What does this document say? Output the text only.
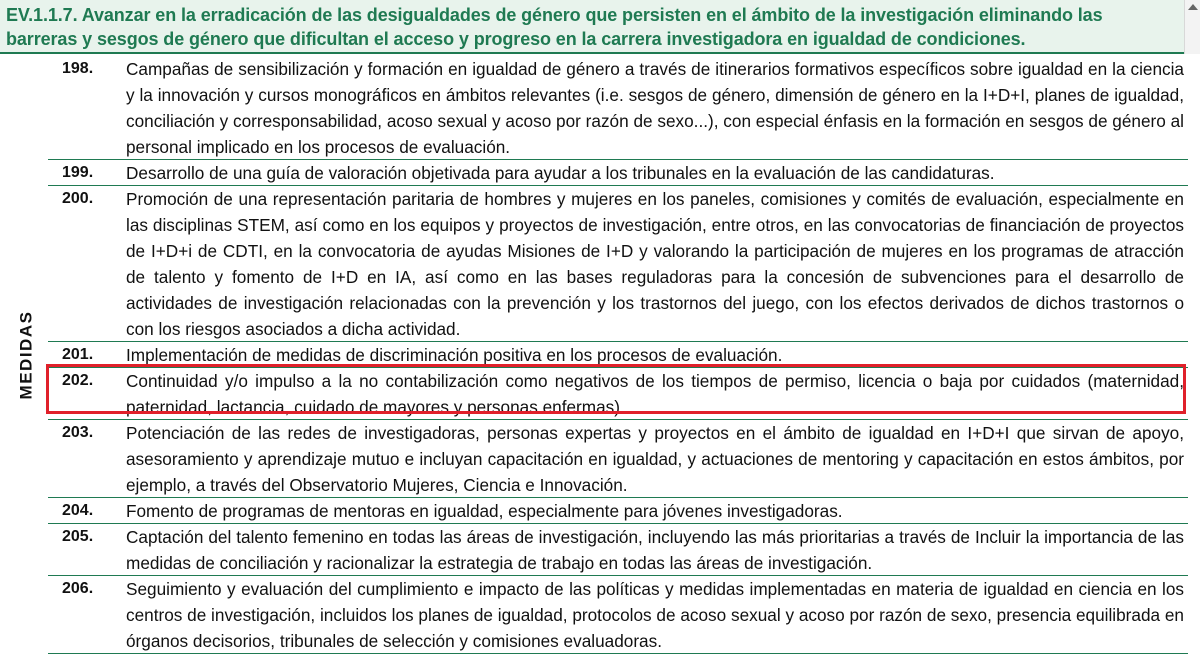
EV.1.1.7. Avanzar en la erradicación de las desigualdades de género que persisten en el ámbito de la investigación eliminando las barreras y sesgos de género que dificultan el acceso y progreso en la carrera investigadora en igualdad de condiciones.
MEDIDAS
198.	Campañas de sensibilización y formación en igualdad de género a través de itinerarios formativos específicos sobre igualdad en la ciencia y la innovación y cursos monográficos en ámbitos relevantes (i.e. sesgos de género, dimensión de género en la I+D+I, planes de igualdad, conciliación y corresponsabilidad, acoso sexual y acoso por razón de sexo...), con especial énfasis en la formación en sesgos de género al personal implicado en los procesos de evaluación.
199.	Desarrollo de una guía de valoración objetivada para ayudar a los tribunales en la evaluación de las candidaturas.
200.	Promoción de una representación paritaria de hombres y mujeres en los paneles, comisiones y comités de evaluación, especialmente en las disciplinas STEM, así como en los equipos y proyectos de investigación, entre otros, en las convocatorias de financiación de proyectos de I+D+i de CDTI, en la convocatoria de ayudas Misiones de I+D y valorando la participación de mujeres en los programas de atracción de talento y fomento de I+D en IA, así como en las bases reguladoras para la concesión de subvenciones para el desarrollo de actividades de investigación relacionadas con la prevención y los trastornos del juego, con los efectos derivados de dichos trastornos o con los riesgos asociados a dicha actividad.
201.	Implementación de medidas de discriminación positiva en los procesos de evaluación.
202.	Continuidad y/o impulso a la no contabilización como negativos de los tiempos de permiso, licencia o baja por cuidados (maternidad, paternidad, lactancia, cuidado de mayores y personas enfermas).
203.	Potenciación de las redes de investigadoras, personas expertas y proyectos en el ámbito de igualdad en I+D+I que sirvan de apoyo, asesoramiento y aprendizaje mutuo e incluyan capacitación en igualdad, y actuaciones de mentoring y capacitación en estos ámbitos, por ejemplo, a través del Observatorio Mujeres, Ciencia e Innovación.
204.	Fomento de programas de mentoras en igualdad, especialmente para jóvenes investigadoras.
205.	Captación del talento femenino en todas las áreas de investigación, incluyendo las más prioritarias a través de Incluir la importancia de las medidas de conciliación y racionalizar la estrategia de trabajo en todas las áreas de investigación.
206.	Seguimiento y evaluación del cumplimiento e impacto de las políticas y medidas implementadas en materia de igualdad en ciencia en los centros de investigación, incluidos los planes de igualdad, protocolos de acoso sexual y acoso por razón de sexo, presencia equilibrada en órganos decisorios, tribunales de selección y comisiones evaluadoras.
